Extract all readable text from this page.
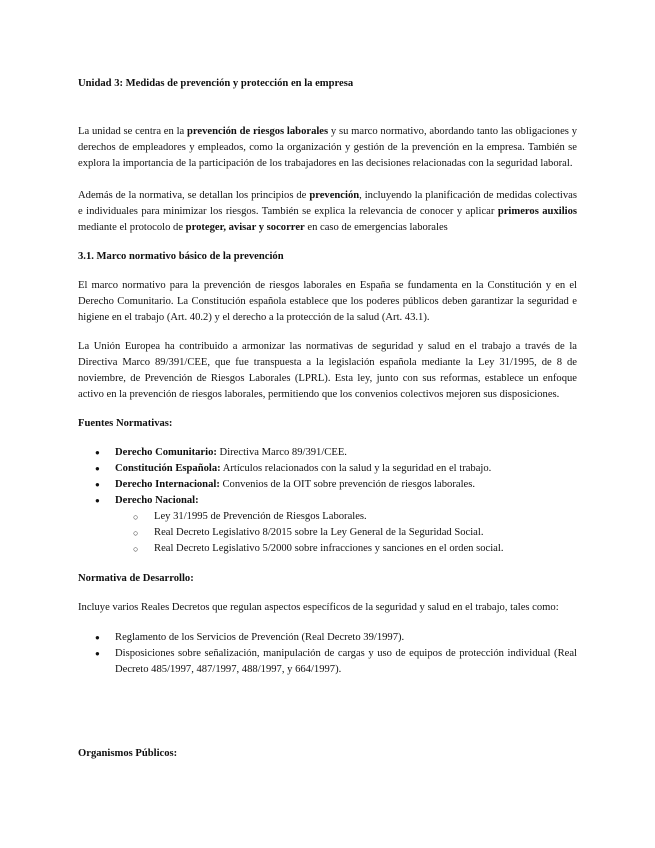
Unidad 3: Medidas de prevención y protección en la empresa

La unidad se centra en la prevención de riesgos laborales y su marco normativo, abordando tanto las obligaciones y derechos de empleadores y empleados, como la organización y gestión de la prevención en la empresa. También se explora la importancia de la participación de los trabajadores en las decisiones relacionadas con la seguridad laboral.

Además de la normativa, se detallan los principios de prevención, incluyendo la planificación de medidas colectivas e individuales para minimizar los riesgos. También se explica la relevancia de conocer y aplicar primeros auxilios mediante el protocolo de proteger, avisar y socorrer en caso de emergencias laborales

3.1. Marco normativo básico de la prevención

El marco normativo para la prevención de riesgos laborales en España se fundamenta en la Constitución y en el Derecho Comunitario. La Constitución española establece que los poderes públicos deben garantizar la seguridad e higiene en el trabajo (Art. 40.2) y el derecho a la protección de la salud (Art. 43.1).

La Unión Europea ha contribuido a armonizar las normativas de seguridad y salud en el trabajo a través de la Directiva Marco 89/391/CEE, que fue transpuesta a la legislación española mediante la Ley 31/1995, de 8 de noviembre, de Prevención de Riesgos Laborales (LPRL). Esta ley, junto con sus reformas, establece un enfoque activo en la prevención de riesgos laborales, permitiendo que los convenios colectivos mejoren sus disposiciones.

Fuentes Normativas:
● Derecho Comunitario: Directiva Marco 89/391/CEE.
● Constitución Española: Artículos relacionados con la salud y la seguridad en el trabajo.
● Derecho Internacional: Convenios de la OIT sobre prevención de riesgos laborales.
● Derecho Nacional:
○ Ley 31/1995 de Prevención de Riesgos Laborales.
○ Real Decreto Legislativo 8/2015 sobre la Ley General de la Seguridad Social.
○ Real Decreto Legislativo 5/2000 sobre infracciones y sanciones en el orden social.
Normativa de Desarrollo:

Incluye varios Reales Decretos que regulan aspectos específicos de la seguridad y salud en el trabajo, tales como:

● Reglamento de los Servicios de Prevención (Real Decreto 39/1997).
● Disposiciones sobre señalización, manipulación de cargas y uso de equipos de protección individual (Real Decreto 485/1997, 487/1997, 488/1997, y 664/1997).
Organismos Públicos:
